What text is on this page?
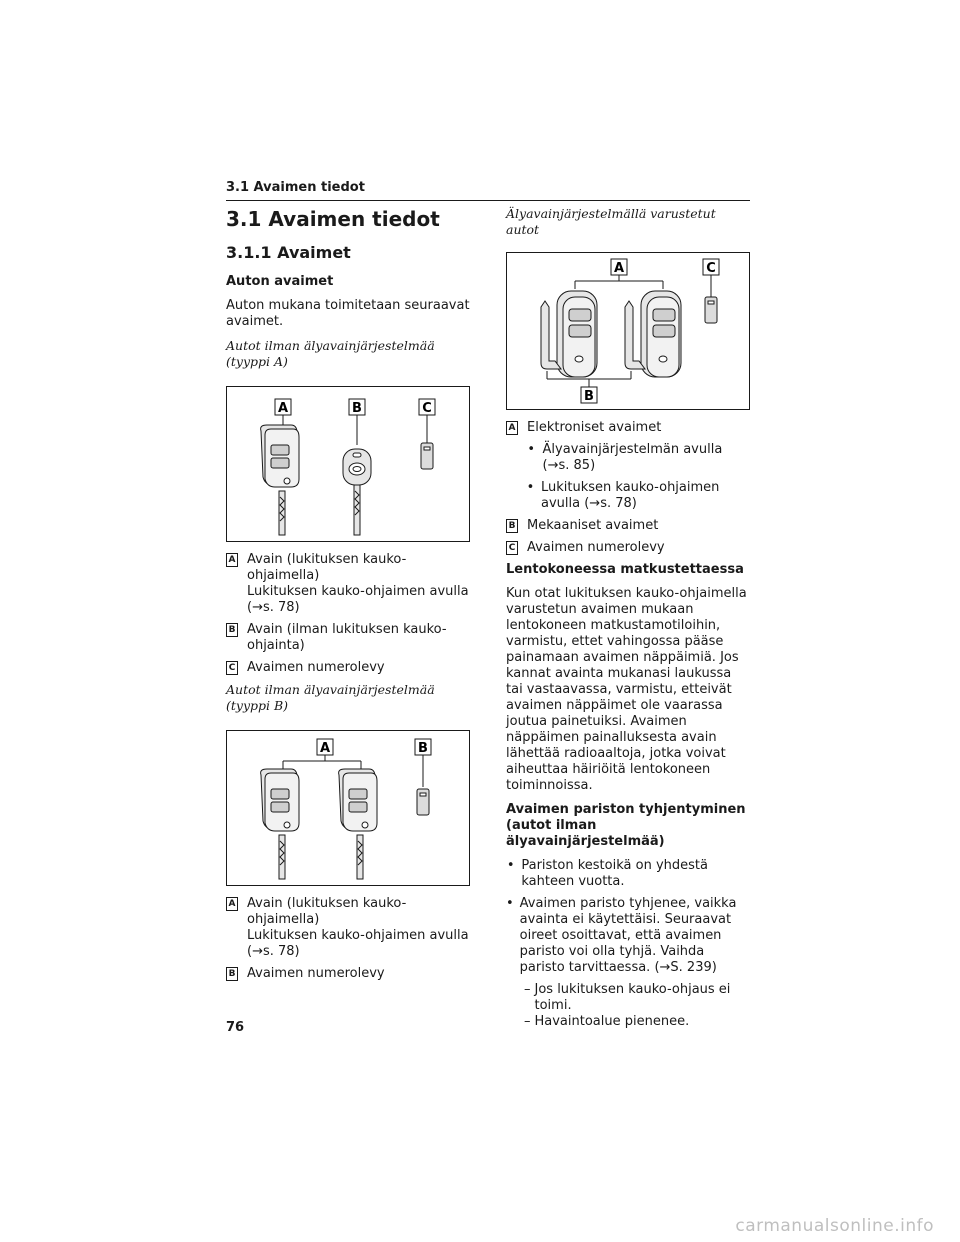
3.1 Avaimen tiedot
3.1 Avaimen tiedot
3.1.1 Avaimet
Auton avaimet

Auton mukana toimitetaan seuraavat avaimet.

Autot ilman älyavainjärjestelmää (tyyppi A)
A	B	C
A Avain (lukituksen kauko-ohjaimella)
Lukituksen kauko-ohjaimen avulla
(→s. 78)
B Avain (ilman lukituksen kauko-ohjainta)
C Avaimen numerolevy
Autot ilman älyavainjärjestelmää (tyyppi B)
A	B
A Avain (lukituksen kauko-ohjaimella)
Lukituksen kauko-ohjaimen avulla
(→s. 78)
B Avaimen numerolevy
Älyavainjärjestelmällä varustetut autot
A	C
B
A Elektroniset avaimet
• Älyavainjärjestelmän avulla (→s. 85)
• Lukituksen kauko-ohjaimen avulla (→s. 78)
B Mekaaniset avaimet
C Avaimen numerolevy
Lentokoneessa matkustettaessa

Kun otat lukituksen kauko-ohjaimella varustetun avaimen mukaan lentokoneen matkustamotiloihin, varmistu, ettet vahingossa pääse painamaan avaimen näppäimiä. Jos kannat avainta mukanasi laukussa tai vastaavassa, varmistu, etteivät avaimen näppäimet ole vaarassa joutua painetuiksi. Avaimen näppäimen painalluksesta avain lähettää radioaaltoja, jotka voivat aiheuttaa häiriöitä lentokoneen toiminnoissa.

Avaimen pariston tyhjentyminen (autot ilman älyavainjärjestelmää)
• Pariston kestoikä on yhdestä kahteen vuotta.
• Avaimen paristo tyhjenee, vaikka avainta ei käytettäisi. Seuraavat oireet osoittavat, että avaimen paristo voi olla tyhjä. Vaihda paristo tarvittaessa. (→S. 239)
– Jos lukituksen kauko-ohjaus ei toimi.
– Havaintoalue pienenee.
76
carmanualsonline.info
